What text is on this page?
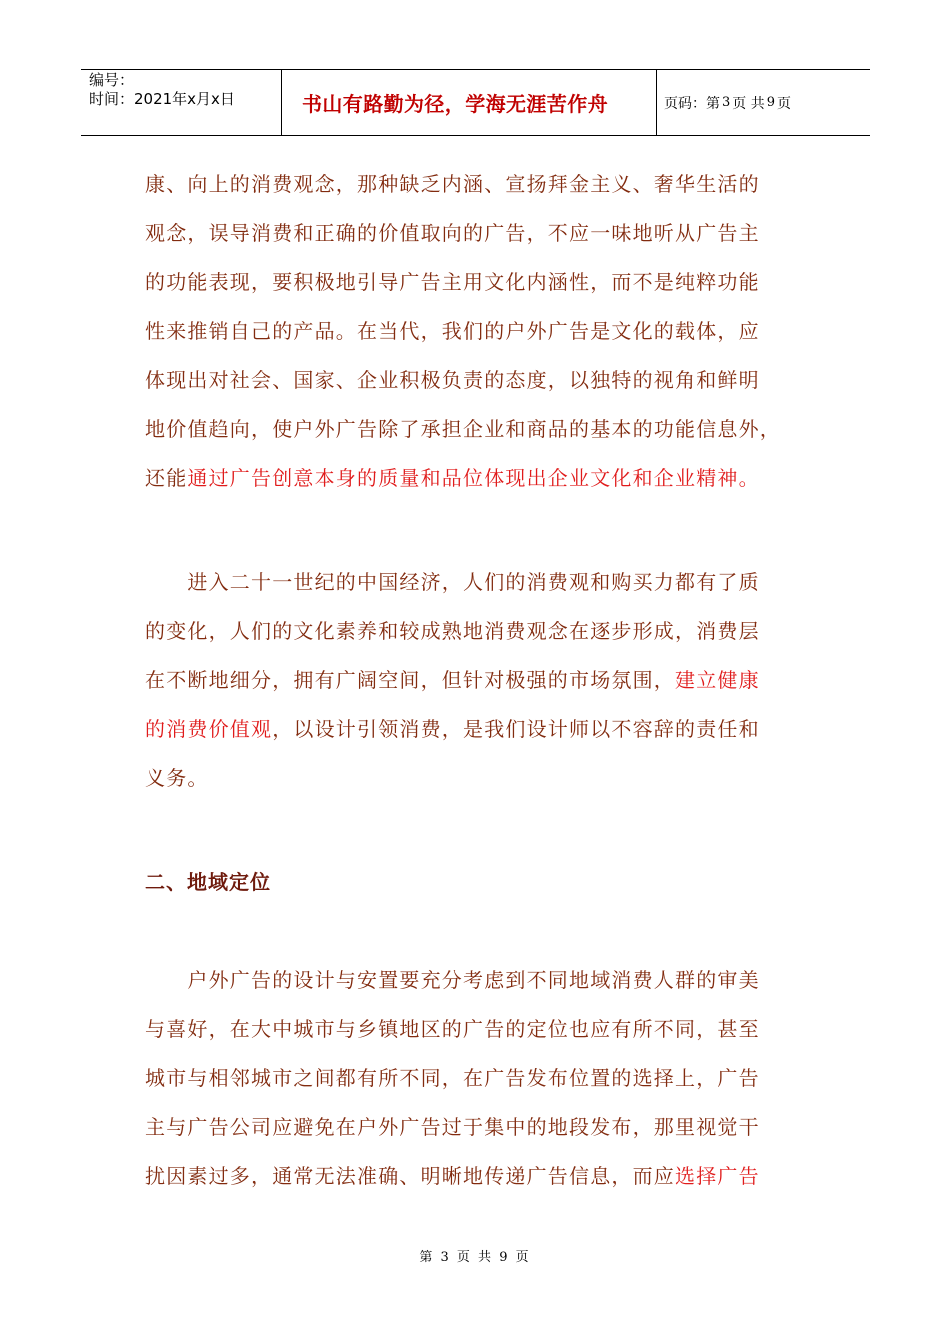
编号：
时间：2021年x月x日	书山有路勤为径，学海无涯苦作舟	页码：第 3 页 共 9 页
康、向上的消费观念，那种缺乏内涵、宣扬拜金主义、奢华生活的
观念，误导消费和正确的价值取向的广告，不应一味地听从广告主
的功能表现，要积极地引导广告主用文化内涵性，而不是纯粹功能
性来推销自己的产品。在当代，我们的户外广告是文化的载体，应
体现出对社会、国家、企业积极负责的态度，以独特的视角和鲜明
地价值趋向，使户外广告除了承担企业和商品的基本的功能信息外，
还能通过广告创意本身的质量和品位体现出企业文化和企业精神。
　　进入二十一世纪的中国经济，人们的消费观和购买力都有了质
的变化，人们的文化素养和较成熟地消费观念在逐步形成，消费层
在不断地细分，拥有广阔空间，但针对极强的市场氛围，建立健康
的消费价值观，以设计引领消费，是我们设计师以不容辞的责任和
义务。
二、地域定位
　　户外广告的设计与安置要充分考虑到不同地域消费人群的审美
与喜好，在大中城市与乡镇地区的广告的定位也应有所不同，甚至
城市与相邻城市之间都有所不同，在广告发布位置的选择上，广告
主与广告公司应避免在户外广告过于集中的地段发布，那里视觉干
扰因素过多，通常无法准确、明晰地传递广告信息，而应选择广告
第 3 页 共 9 页
